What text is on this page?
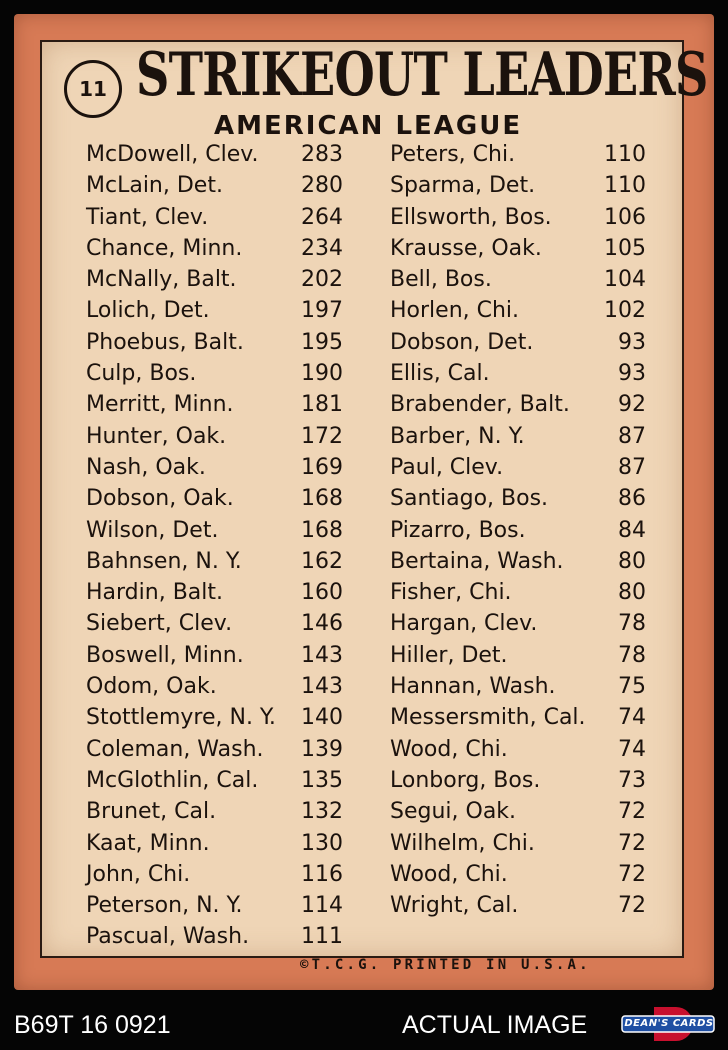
11 STRIKEOUT LEADERS
AMERICAN LEAGUE
McDowell, Clev. 283
McLain, Det.	280
Tiant, Clev.	264
Chance, Minn.	234
McNally, Balt.	202
Lolich, Det.	197
Phoebus, Balt.	195
Culp, Bos.	190
Merritt, Minn.	181
Hunter, Oak.	172
Nash, Oak.	169
Dobson, Oak.	168
Wilson, Det.	168
Bahnsen, N. Y.	162
Hardin, Balt.	160
Siebert, Clev.	146
Boswell, Minn.	143
Odom, Oak.	143
Stottlemyre, N. Y. 140
Coleman, Wash. 139
McGlothlin, Cal. 135
Brunet, Cal.	132
Kaat, Minn.	130
John, Chi.	116
Peterson, N. Y.	114
Pascual, Wash. 111
Peters, Chi.	110
Sparma, Det.	110
Ellsworth, Bos. 106
Krausse, Oak.	105
Bell, Bos.	104
Horlen, Chi.	102
Dobson, Det.	93
Ellis, Cal.	93
Brabender, Balt. 92
Barber, N. Y.	87
Paul, Clev.	87
Santiago, Bos.	86
Pizarro, Bos.	84
Bertaina, Wash. 80
Fisher, Chi.	80
Hargan, Clev.	78
Hiller, Det.	78
Hannan, Wash.	75
Messersmith, Cal. 74
Wood, Chi.	74
Lonborg, Bos.	73
Segui, Oak.	72
Wilhelm, Chi.	72
Wood, Chi.	72
Wright, Cal.	72
©T.C.G. PRINTED IN U.S.A.
B69T 16 0921	ACTUAL IMAGE	DEAN'S CARDS
